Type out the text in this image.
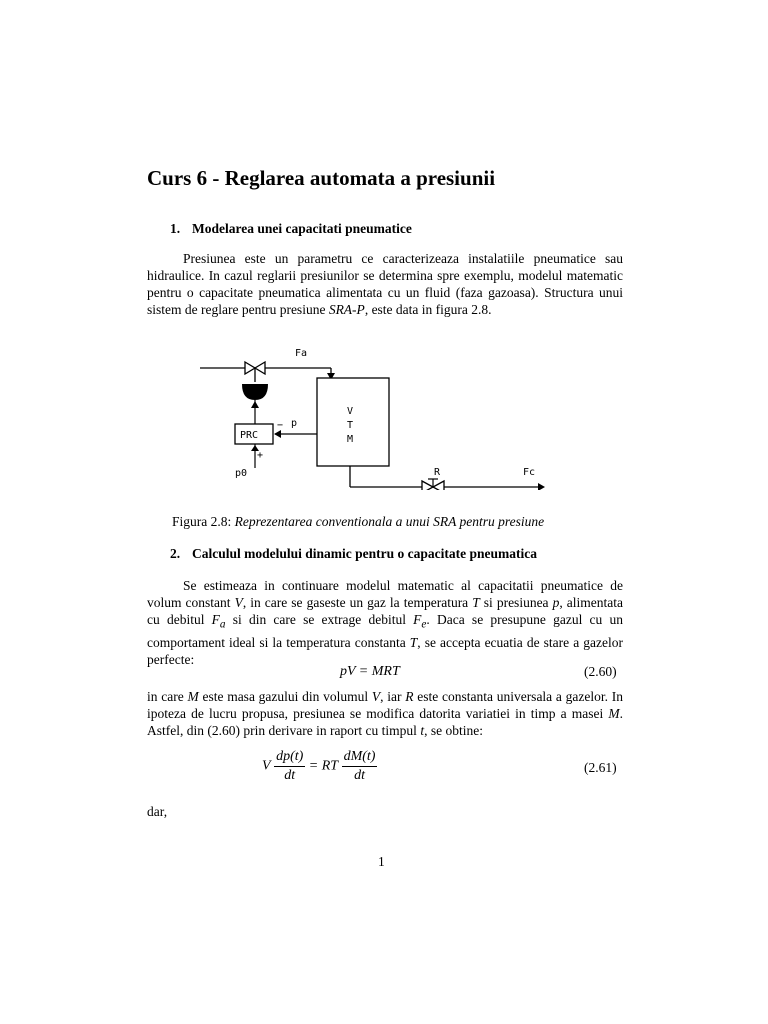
Curs 6 - Reglarea automata a presiunii
1. Modelarea unei capacitati pneumatice

Presiunea este un parametru ce caracterizeaza instalatiile pneumatice sau hidraulice. In cazul reglarii presiunilor se determina spre exemplu, modelul matematic pentru o capacitate pneumatica alimentata cu un fluid (faza gazoasa). Structura unui sistem de reglare pentru presiune SRA-P, este data in figura 2.8.

PRC
− p
+
p0
V
T
M
Fa
R	Fc
Figura 2.8: Reprezentarea conventionala a unui SRA pentru presiune
2. Calculul modelului dinamic pentru o capacitate pneumatica

Se estimeaza in continuare modelul matematic al capacitatii pneumatice de volum constant V, in care se gaseste un gaz la temperatura T si presiunea p, alimentata cu debitul $F_a$ si din care se extrage debitul $F_e$. Daca se presupune gazul cu un comportament ideal si la temperatura constanta T, se accepta ecuatia de stare a gazelor perfecte:

pV = MRT	(2.60)

in care M este masa gazului din volumul V, iar R este constanta universala a gazelor. In ipoteza de lucru propusa, presiunea se modifica datorita variatiei in timp a masei M. Astfel, din (2.60) prin derivare in raport cu timpul t, se obtine:

V $\frac{dp(t)}{dt}$ = RT $\frac{dM(t)}{dt}$	(2.61)
dar,
1
